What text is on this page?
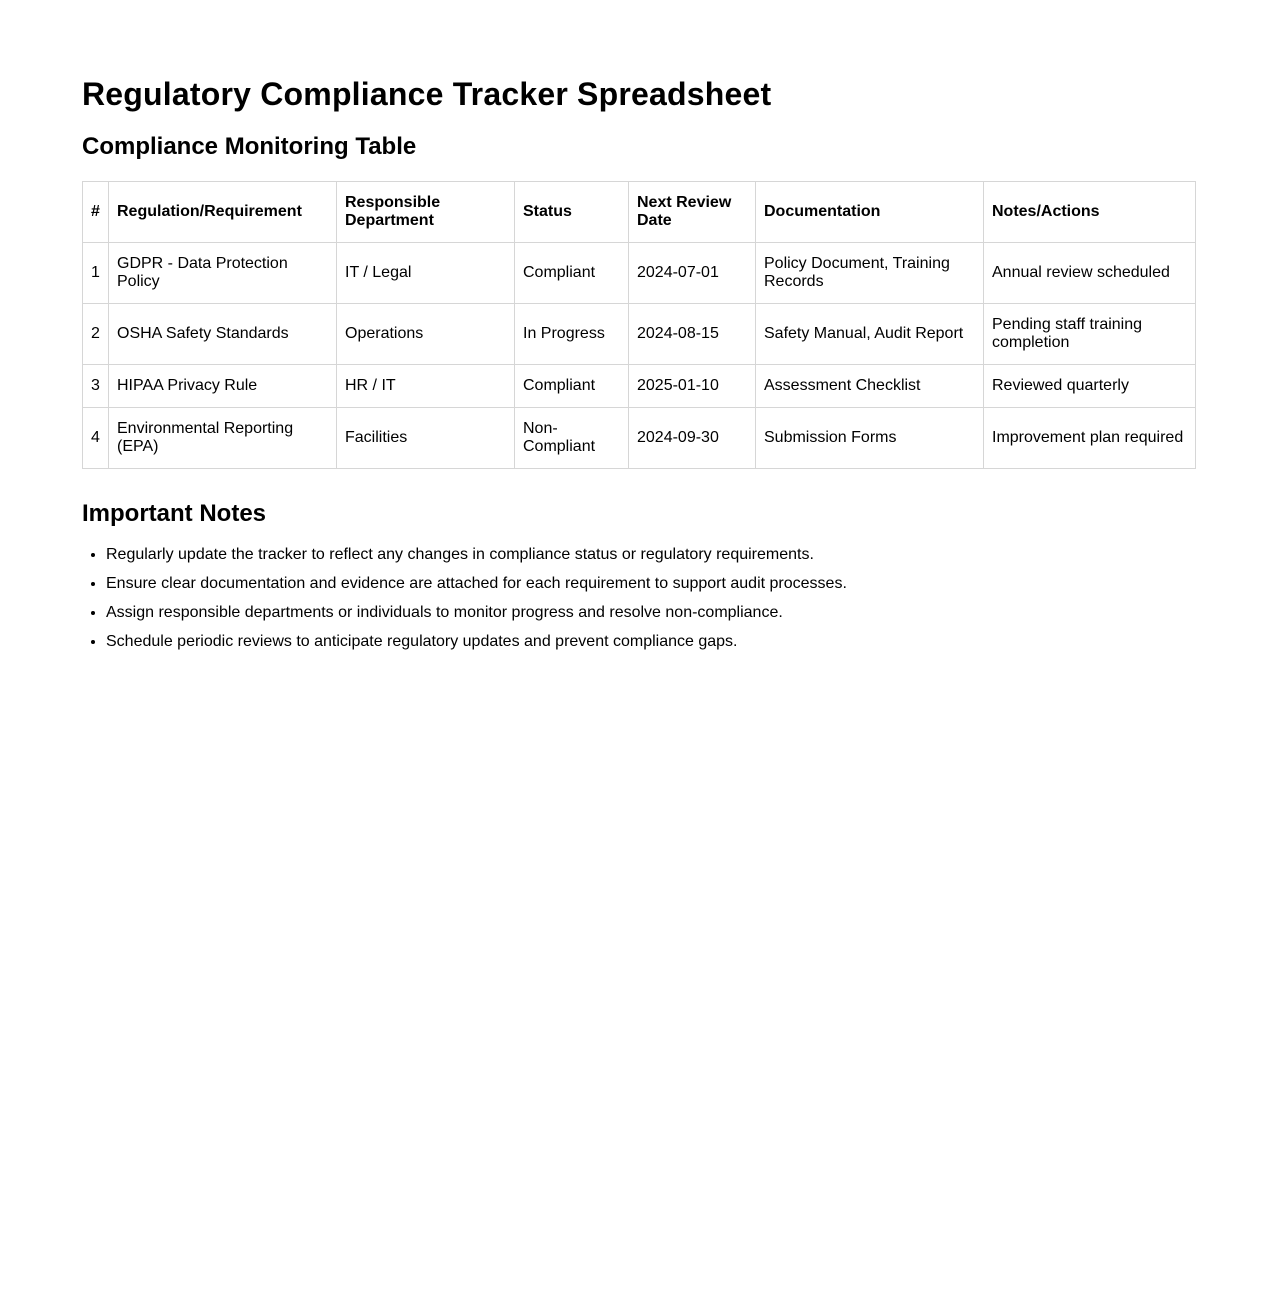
Regulatory Compliance Tracker Spreadsheet
Compliance Monitoring Table
#	Regulation/Requirement	Responsible Department	Status	Next Review Date	Documentation	Notes/Actions
1	GDPR - Data Protection Policy	IT / Legal	Compliant	2024-07-01	Policy Document, Training Records	Annual review scheduled
2	OSHA Safety Standards	Operations	In Progress	2024-08-15	Safety Manual, Audit Report	Pending staff training completion
3	HIPAA Privacy Rule	HR / IT	Compliant	2025-01-10	Assessment Checklist	Reviewed quarterly
4	Environmental Reporting (EPA)	Facilities	Non-Compliant	2024-09-30	Submission Forms	Improvement plan required
Important Notes
• Regularly update the tracker to reflect any changes in compliance status or regulatory requirements.
• Ensure clear documentation and evidence are attached for each requirement to support audit processes.
• Assign responsible departments or individuals to monitor progress and resolve non-compliance.
• Schedule periodic reviews to anticipate regulatory updates and prevent compliance gaps.
